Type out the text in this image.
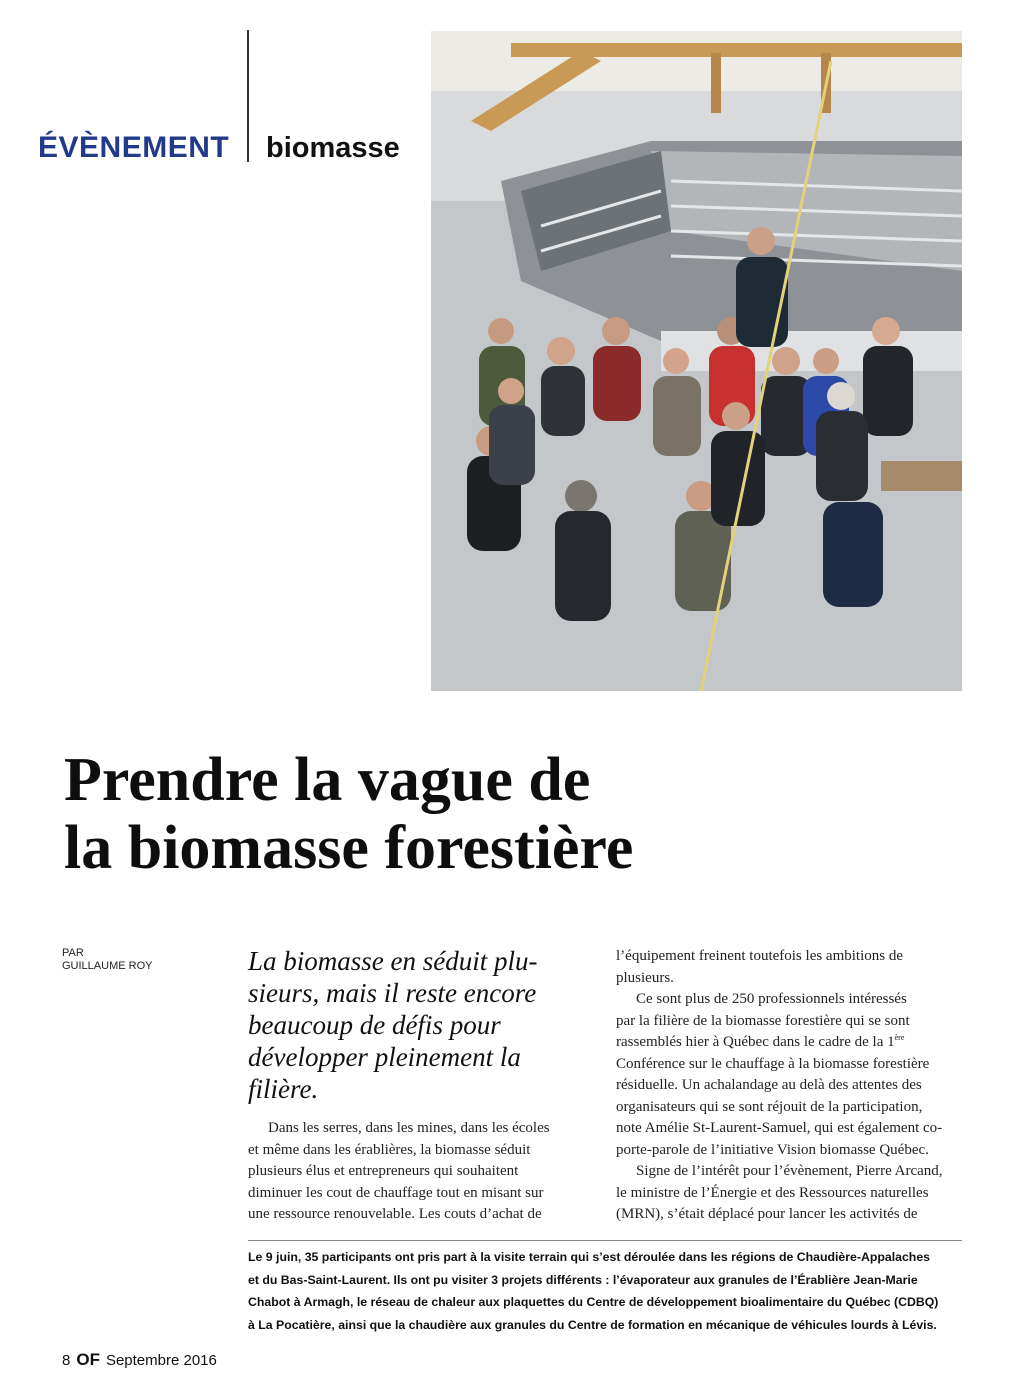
ÉVÈNEMENT biomasse
Prendre la vague de
la biomasse forestière
PAR
GUILLAUME ROY	La biomasse en séduit plu-
sieurs, mais il reste encore
beaucoup de défis pour
développer pleinement la
filière.

Dans les serres, dans les mines, dans les écoles
et même dans les érablières, la biomasse séduit
plusieurs élus et entrepreneurs qui souhaitent
diminuer les cout de chauffage tout en misant sur
une ressource renouvelable. Les couts d’achat de
l’équipement freinent toutefois les ambitions de
plusieurs.
Ce sont plus de 250 professionnels intéressés
par la filière de la biomasse forestière qui se sont
rassemblés hier à Québec dans le cadre de la 1ère
Conférence sur le chauffage à la biomasse forestière
résiduelle. Un achalandage au delà des attentes des
organisateurs qui se sont réjouit de la participation,
note Amélie St-Laurent-Samuel, qui est également co-
porte-parole de l’initiative Vision biomasse Québec.
Signe de l’intérêt pour l’évènement, Pierre Arcand,
le ministre de l’Énergie et des Ressources naturelles
(MRN), s’était déplacé pour lancer les activités de
Le 9 juin, 35 participants ont pris part à la visite terrain qui s’est déroulée dans les régions de Chaudière-Appalaches
et du Bas-Saint-Laurent. Ils ont pu visiter 3 projets différents : l’évaporateur aux granules de l’Érablière Jean-Marie
Chabot à Armagh, le réseau de chaleur aux plaquettes du Centre de développement bioalimentaire du Québec (CDBQ)
à La Pocatière, ainsi que la chaudière aux granules du Centre de formation en mécanique de véhicules lourds à Lévis.
8 OF Septembre 2016
